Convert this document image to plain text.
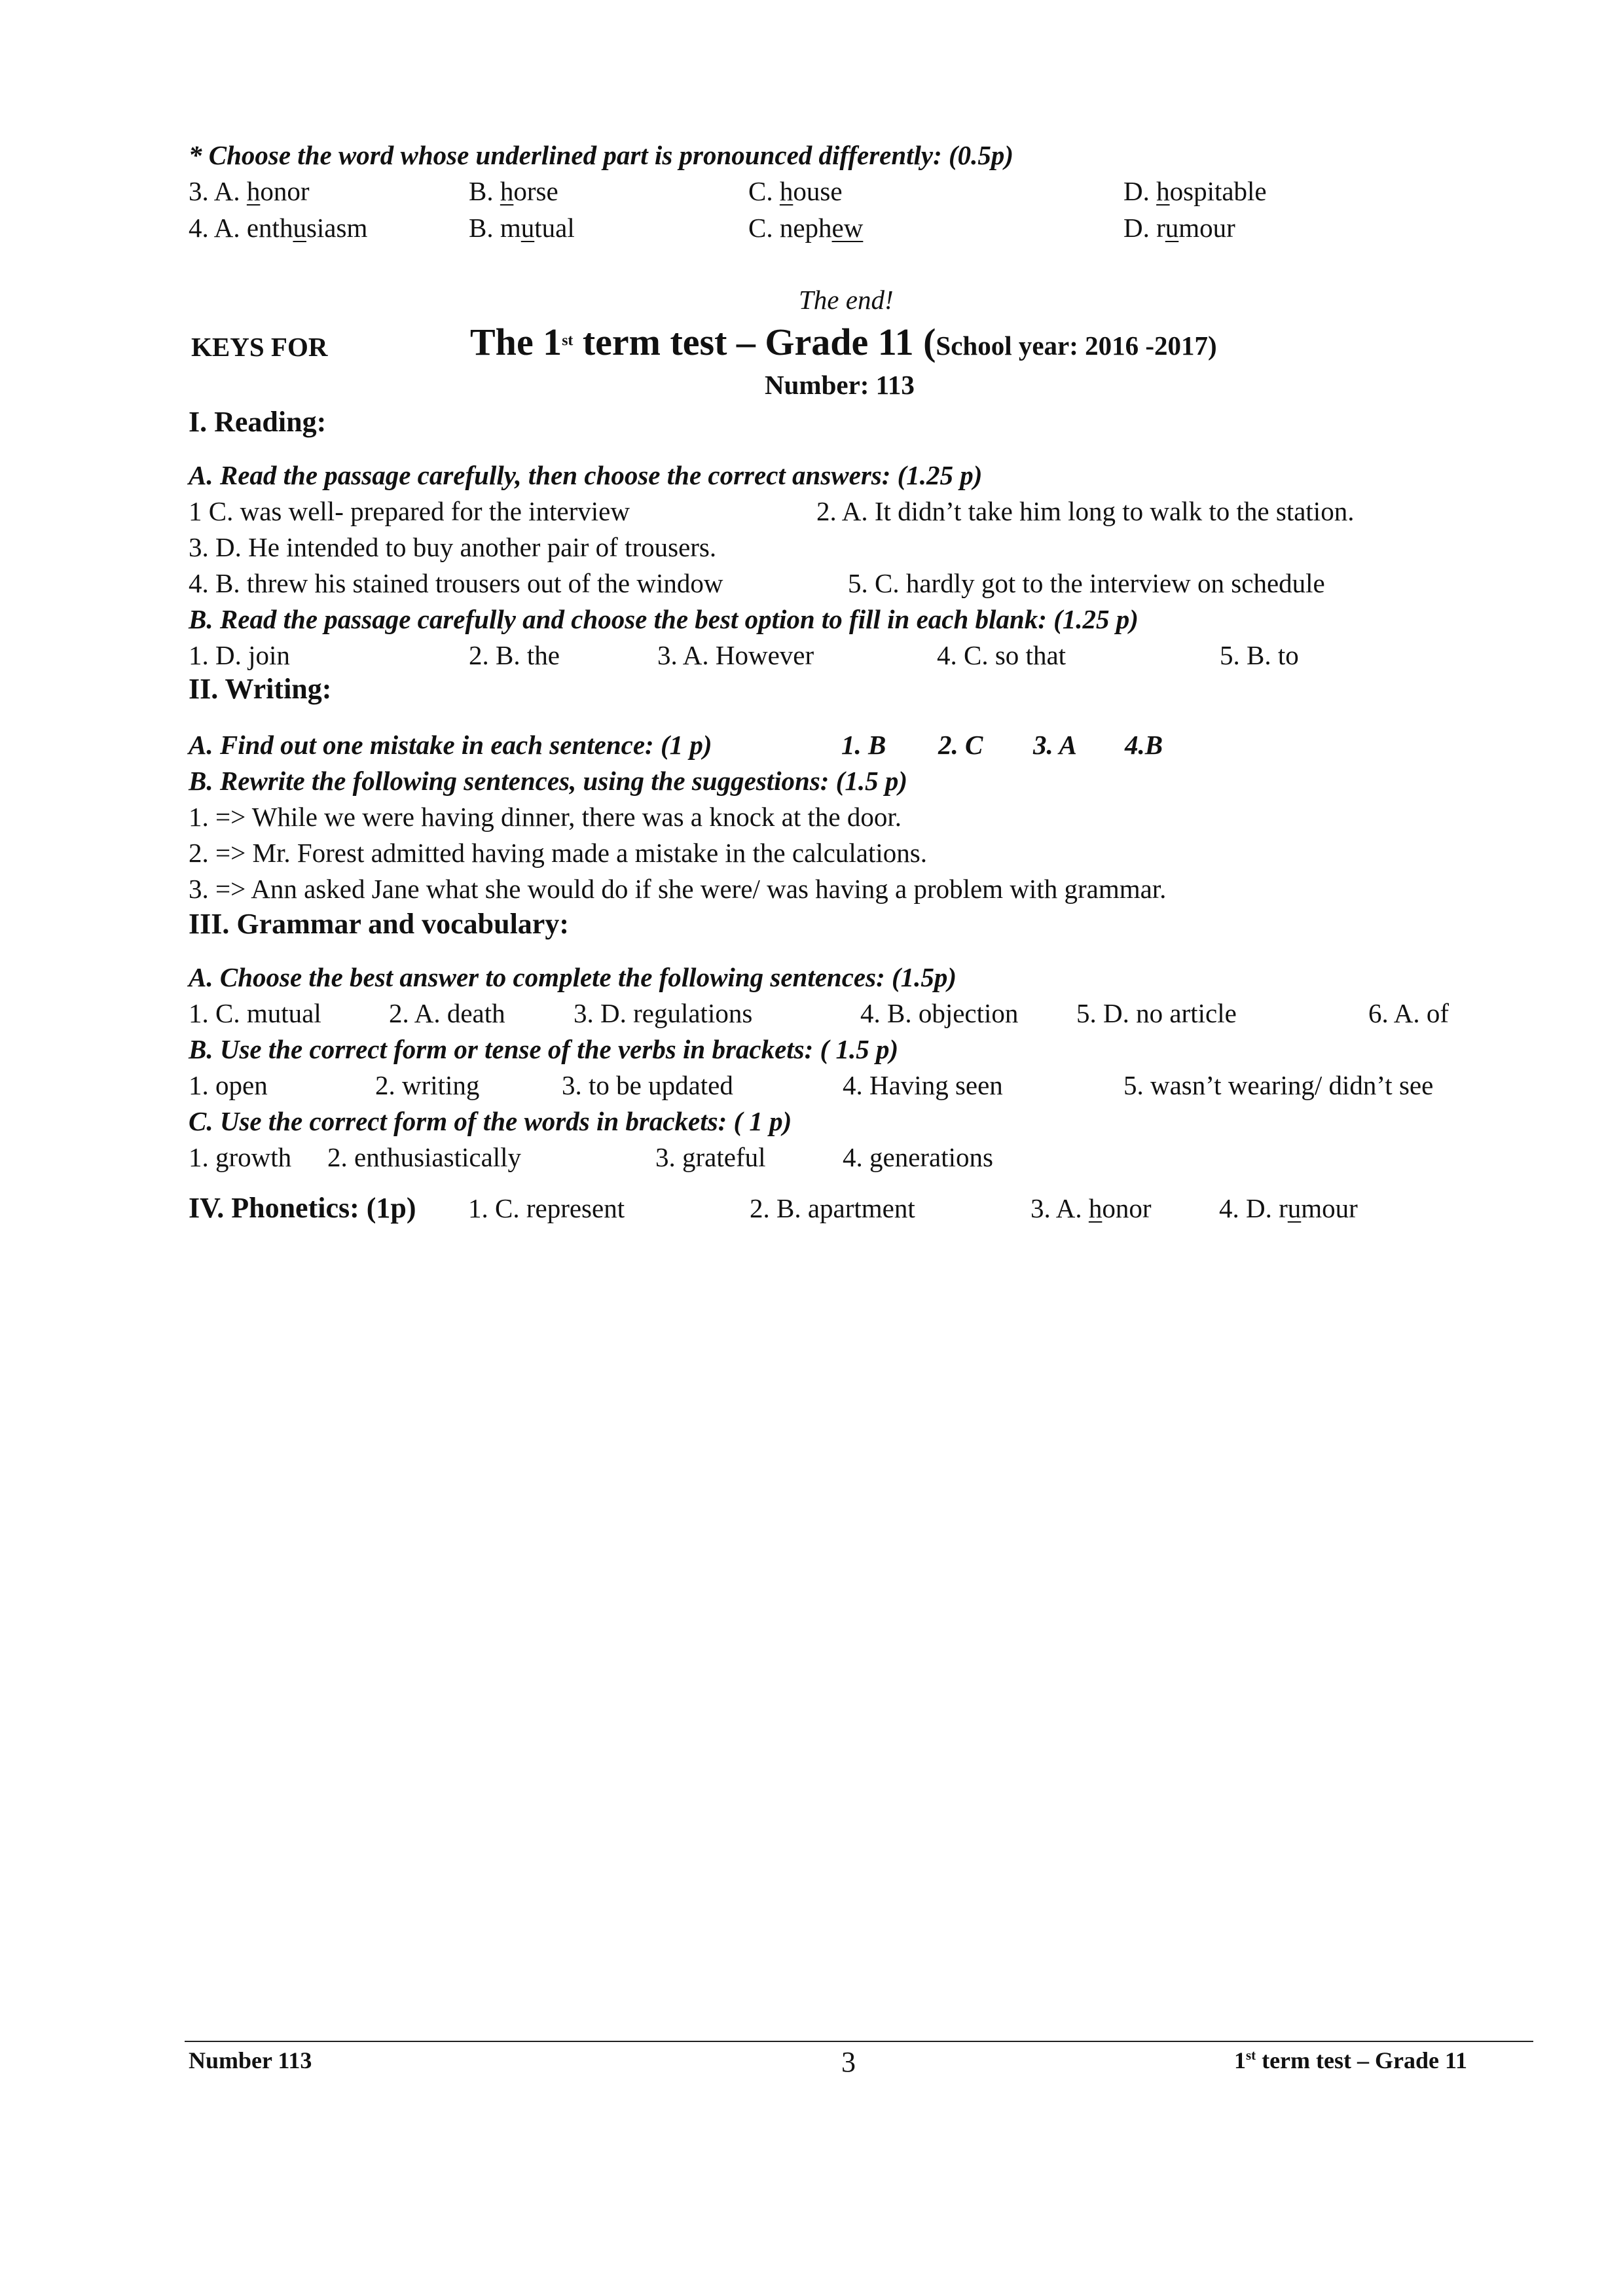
* Choose the word whose underlined part is pronounced differently: (0.5p)
3. A. honor	B. horse	C. house	D. hospitable
4. A. enthusiasm	B. mutual	C. nephew	D. rumour
The end!
KEYS FOR	The 1st term test – Grade 11 (School year: 2016 -2017)
Number: 113
I. Reading:
A. Read the passage carefully, then choose the correct answers: (1.25 p)
1 C. was well- prepared for the interview	2. A. It didn’t take him long to walk to the station.
3. D. He intended to buy another pair of trousers.
4. B. threw his stained trousers out of the window	5. C. hardly got to the interview on schedule
B. Read the passage carefully and choose the best option to fill in each blank: (1.25 p)
1. D. join	2. B. the	3. A. However	4. C. so that	5. B. to
II. Writing:
A. Find out one mistake in each sentence: (1 p)	1. B 2. C 3. A 4.B
B. Rewrite the following sentences, using the suggestions: (1.5 p)
1. => While we were having dinner, there was a knock at the door.
2. => Mr. Forest admitted having made a mistake in the calculations.
3. => Ann asked Jane what she would do if she were/ was having a problem with grammar.
III. Grammar and vocabulary:
A. Choose the best answer to complete the following sentences: (1.5p)
1. C. mutual	2. A. death	3. D. regulations	4. B. objection 5. D. no article	6. A. of
B. Use the correct form or tense of the verbs in brackets: ( 1.5 p)
1. open	2. writing	3. to be updated	4. Having seen	5. wasn’t wearing/ didn’t see
C. Use the correct form of the words in brackets: ( 1 p)
1. growth 2. enthusiastically	3. grateful	4. generations
IV. Phonetics: (1p) 1. C. represent	2. B. apartment	3. A. honor	4. D. rumour
Number 113	3	1st term test – Grade 11
